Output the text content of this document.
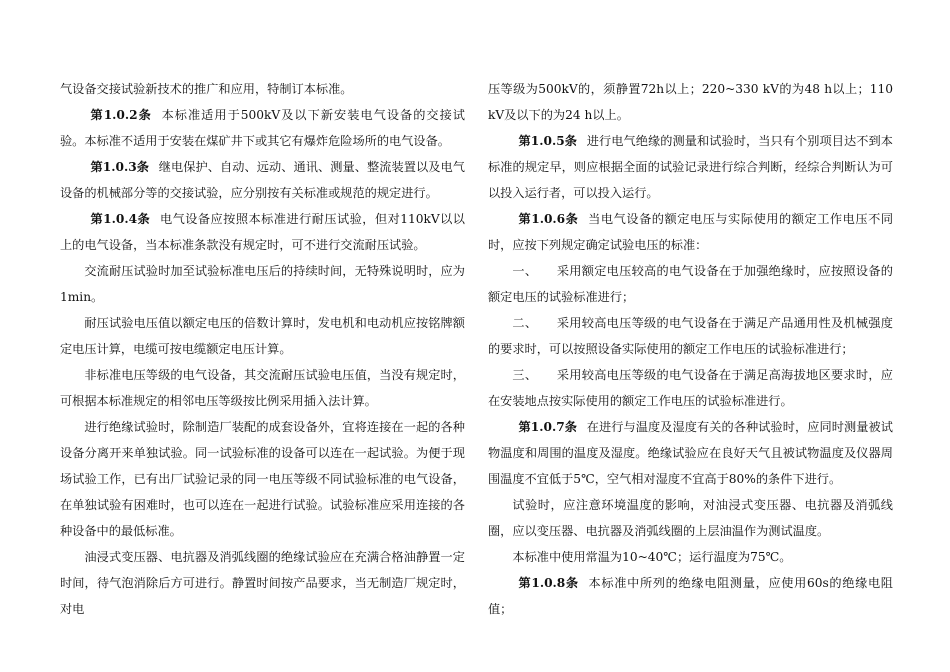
气设备交接试验新技术的推广和应用，特制订本标准。

第1.0.2条 本标准适用于500kV及以下新安装电气设备的交接试验。本标准不适用于安装在煤矿井下或其它有爆炸危险场所的电气设备。

第1.0.3条 继电保护、自动、远动、通讯、测量、整流装置以及电气设备的机械部分等的交接试验，应分别按有关标准或规范的规定进行。

第1.0.4条 电气设备应按照本标准进行耐压试验，但对110kV以以上的电气设备，当本标准条款没有规定时，可不进行交流耐压试验。

交流耐压试验时加至试验标准电压后的持续时间，无特殊说明时，应为1min。

耐压试验电压值以额定电压的倍数计算时，发电机和电动机应按铭牌额定电压计算，电缆可按电缆额定电压计算。

非标准电压等级的电气设备，其交流耐压试验电压值，当没有规定时，可根据本标准规定的相邻电压等级按比例采用插入法计算。

进行绝缘试验时，除制造厂装配的成套设备外，宜将连接在一起的各种设备分离开来单独试验。同一试验标准的设备可以连在一起试验。为便于现场试验工作，已有出厂试验记录的同一电压等级不同试验标准的电气设备，在单独试验有困难时，也可以连在一起进行试验。试验标准应采用连接的各种设备中的最低标准。

油浸式变压器、电抗器及消弧线圈的绝缘试验应在充满合格油静置一定时间，待气泡消除后方可进行。静置时间按产品要求，当无制造厂规定时，对电

压等级为500kV的，须静置72h以上；220~330 kV的为48 h以上；110 kV及以下的为24 h以上。

第1.0.5条 进行电气绝缘的测量和试验时，当只有个别项目达不到本标准的规定早，则应根据全面的试验记录进行综合判断，经综合判断认为可以投入运行者，可以投入运行。

第1.0.6条 当电气设备的额定电压与实际使用的额定工作电压不同时，应按下列规定确定试验电压的标准：

一、 采用额定电压较高的电气设备在于加强绝缘时，应按照设备的额定电压的试验标准进行；

二、 采用较高电压等级的电气设备在于满足产品通用性及机械强度的要求时，可以按照设备实际使用的额定工作电压的试验标准进行；

三、 采用较高电压等级的电气设备在于满足高海拔地区要求时，应在安装地点按实际使用的额定工作电压的试验标准进行。

第1.0.7条 在进行与温度及湿度有关的各种试验时，应同时测量被试物温度和周围的温度及湿度。绝缘试验应在良好天气且被试物温度及仪器周围温度不宜低于5℃，空气相对湿度不宜高于80%的条件下进行。

试验时，应注意环境温度的影响，对油浸式变压器、电抗器及消弧线圈，应以变压器、电抗器及消弧线圈的上层油温作为测试温度。

本标准中使用常温为10~40℃；运行温度为75℃。

第1.0.8条 本标准中所列的绝缘电阻测量，应使用60s的绝缘电阻值；
